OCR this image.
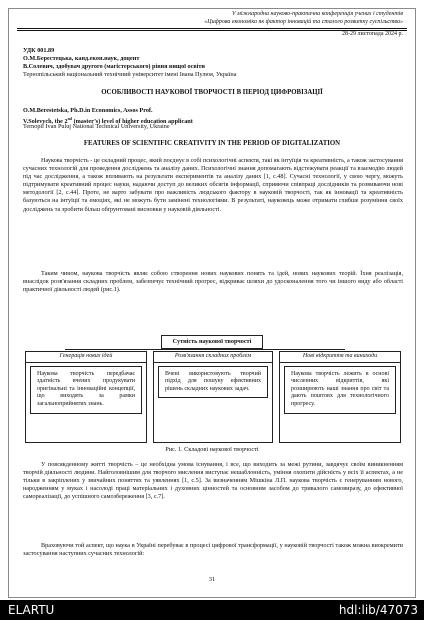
V міжнародна науково-практична конференція учених і студентів
«Цифрова економіка як фактор інновацій та сталого розвитку суспільства»
28-29 листопада 2024 р.
УДК 001.89
О.М.Берестецька, канд.екон.наук, доцент
В.Солевич, здобувач другого (магістерського) рівня вищої освіти
Тернопільський національний технічний університет імені Івана Пулюя, Україна
ОСОБЛИВОСТІ НАУКОВОЇ ТВОРЧОСТІ В ПЕРІОД ЦИФРОВІЗАЦІЇ
O.M.Berestetska, Ph.D.in Economics, Assos Prof.
V.Solevych, the 2nd (master’s) level of higher education applicant
Ternopil Ivan Puluj National Technical University, Ukraine
FEATURES OF SCIENTIFIC CREATIVITY IN THE PERIOD OF DIGITALIZATION
Наукова творчість - це складний процес, який поєднує в собі психологічні аспекти, такі як інтуїція та креативність, а також застосування сучасних технологій для проведення досліджень та аналізу даних. Психологічні знання допомагають відстежувати реакції та взаємодію людей під час дослідження, а також впливають на результати експериментів та аналізу даних [1, с.48]. Сучасні технології, у свою чергу, можуть підтримувати креативний процес науки, надаючи доступ до великих обсягів інформації, сприяючи співпраці дослідників та розвиваючи нові методології [2, с.44]. Проте, не варто забувати про важливість людського фактору в науковій творчості, так як інновації та креативність базуються на інтуїції та емоціях, які не можуть бути замінені технологіями. В результаті, науковець може отримати глибше розуміння своїх досліджень та зробити більш обґрунтовані висновки у науковій діяльності.
Таким чином, наукова творчість являє собою створення нових наукових понять та ідей, нових наукових теорій. Їхня реалізація, внаслідок розв'язання складних проблем, забезпечує технічний прогрес, відкриває шляхи до удосконалення того чи іншого виду або області практичної діяльності людей (рис.1).
Сутність наукової творчості
Генерація нових ідей
Наукова творчість передбачає здатність вчених продукувати оригінальні та інноваційні концепції, що виходять за рамки загальноприйнятих знань.
Розв'язання складних проблем
Вчені використовують творчий підхід для пошуку ефективних рішень складних наукових задач.
Нові відкриття та винаходи
Наукова творчість лежить в основі численних відкриттів, які розширюють наші знання про світ та дають поштовх для технологічного прогресу.
Рис. 1. Складові наукової творчості
У повсякденному житті творчість – це необхідна умова існування, і все, що виходить за межі рутини, завдячує своїм виникненням творчій діяльності людини. Найголовнішим для творчого мислення виступає нешаблонність, уміння охопити дійсність у всіх її аспектах, а не тільки в закріплених у звичайних поняттях та уявленнях [1, с.5]. За визначенням Мішкіна Л.П. наукова творчість є генеруванням нового, народженням у муках і насолоді праці матеріальних і духовних цінностей та основним засобом до тривалого самовиразу, до ефективної самореалізації, до успішного самозбереження [3, с.7].
Враховуючи той аспект, що наука в Україні перебуває в процесі цифрової трансформації, у науковій творчості також можна виокремити застосування наступних сучасних технологій:
31
ELARTU	hdl:lib/47073
